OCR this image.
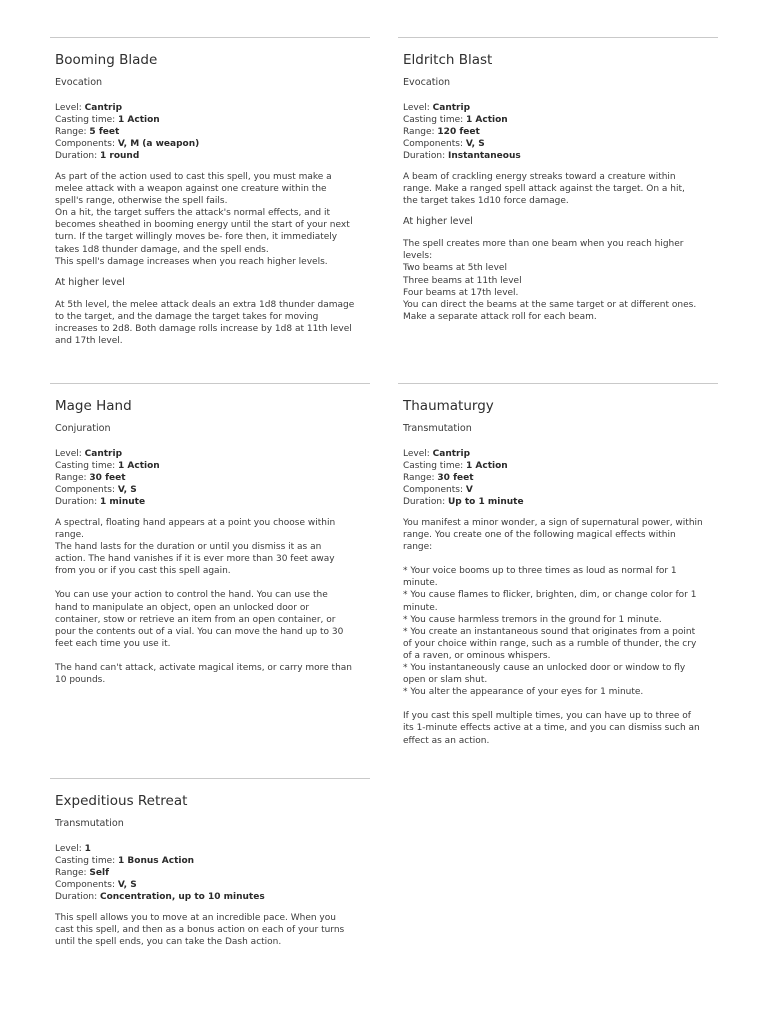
Booming Blade
Evocation
Level: Cantrip
Casting time: 1 Action
Range: 5 feet
Components: V, M (a weapon)
Duration: 1 round
As part of the action used to cast this spell, you must make a
melee attack with a weapon against one creature within the
spell's range, otherwise the spell fails.
On a hit, the target suffers the attack's normal effects, and it
becomes sheathed in booming energy until the start of your next
turn. If the target willingly moves be- fore then, it immediately
takes 1d8 thunder damage, and the spell ends.
This spell's damage increases when you reach higher levels.
At higher level
At 5th level, the melee attack deals an extra 1d8 thunder damage
to the target, and the damage the target takes for moving
increases to 2d8. Both damage rolls increase by 1d8 at 11th level
and 17th level.
Eldritch Blast
Evocation
Level: Cantrip
Casting time: 1 Action
Range: 120 feet
Components: V, S
Duration: Instantaneous
A beam of crackling energy streaks toward a creature within
range. Make a ranged spell attack against the target. On a hit,
the target takes 1d10 force damage.
At higher level
The spell creates more than one beam when you reach higher
levels:
Two beams at 5th level
Three beams at 11th level
Four beams at 17th level.
You can direct the beams at the same target or at different ones.
Make a separate attack roll for each beam.
Mage Hand
Conjuration
Level: Cantrip
Casting time: 1 Action
Range: 30 feet
Components: V, S
Duration: 1 minute
A spectral, floating hand appears at a point you choose within
range.
The hand lasts for the duration or until you dismiss it as an
action. The hand vanishes if it is ever more than 30 feet away
from you or if you cast this spell again.
You can use your action to control the hand. You can use the
hand to manipulate an object, open an unlocked door or
container, stow or retrieve an item from an open container, or
pour the contents out of a vial. You can move the hand up to 30
feet each time you use it.
The hand can't attack, activate magical items, or carry more than
10 pounds.
Thaumaturgy
Transmutation
Level: Cantrip
Casting time: 1 Action
Range: 30 feet
Components: V
Duration: Up to 1 minute
You manifest a minor wonder, a sign of supernatural power, within
range. You create one of the following magical effects within
range:
* Your voice booms up to three times as loud as normal for 1
minute.
* You cause flames to flicker, brighten, dim, or change color for 1
minute.
* You cause harmless tremors in the ground for 1 minute.
* You create an instantaneous sound that originates from a point
of your choice within range, such as a rumble of thunder, the cry
of a raven, or ominous whispers.
* You instantaneously cause an unlocked door or window to fly
open or slam shut.
* You alter the appearance of your eyes for 1 minute.
If you cast this spell multiple times, you can have up to three of
its 1-minute effects active at a time, and you can dismiss such an
effect as an action.
Expeditious Retreat
Transmutation
Level: 1
Casting time: 1 Bonus Action
Range: Self
Components: V, S
Duration: Concentration, up to 10 minutes
This spell allows you to move at an incredible pace. When you
cast this spell, and then as a bonus action on each of your turns
until the spell ends, you can take the Dash action.
